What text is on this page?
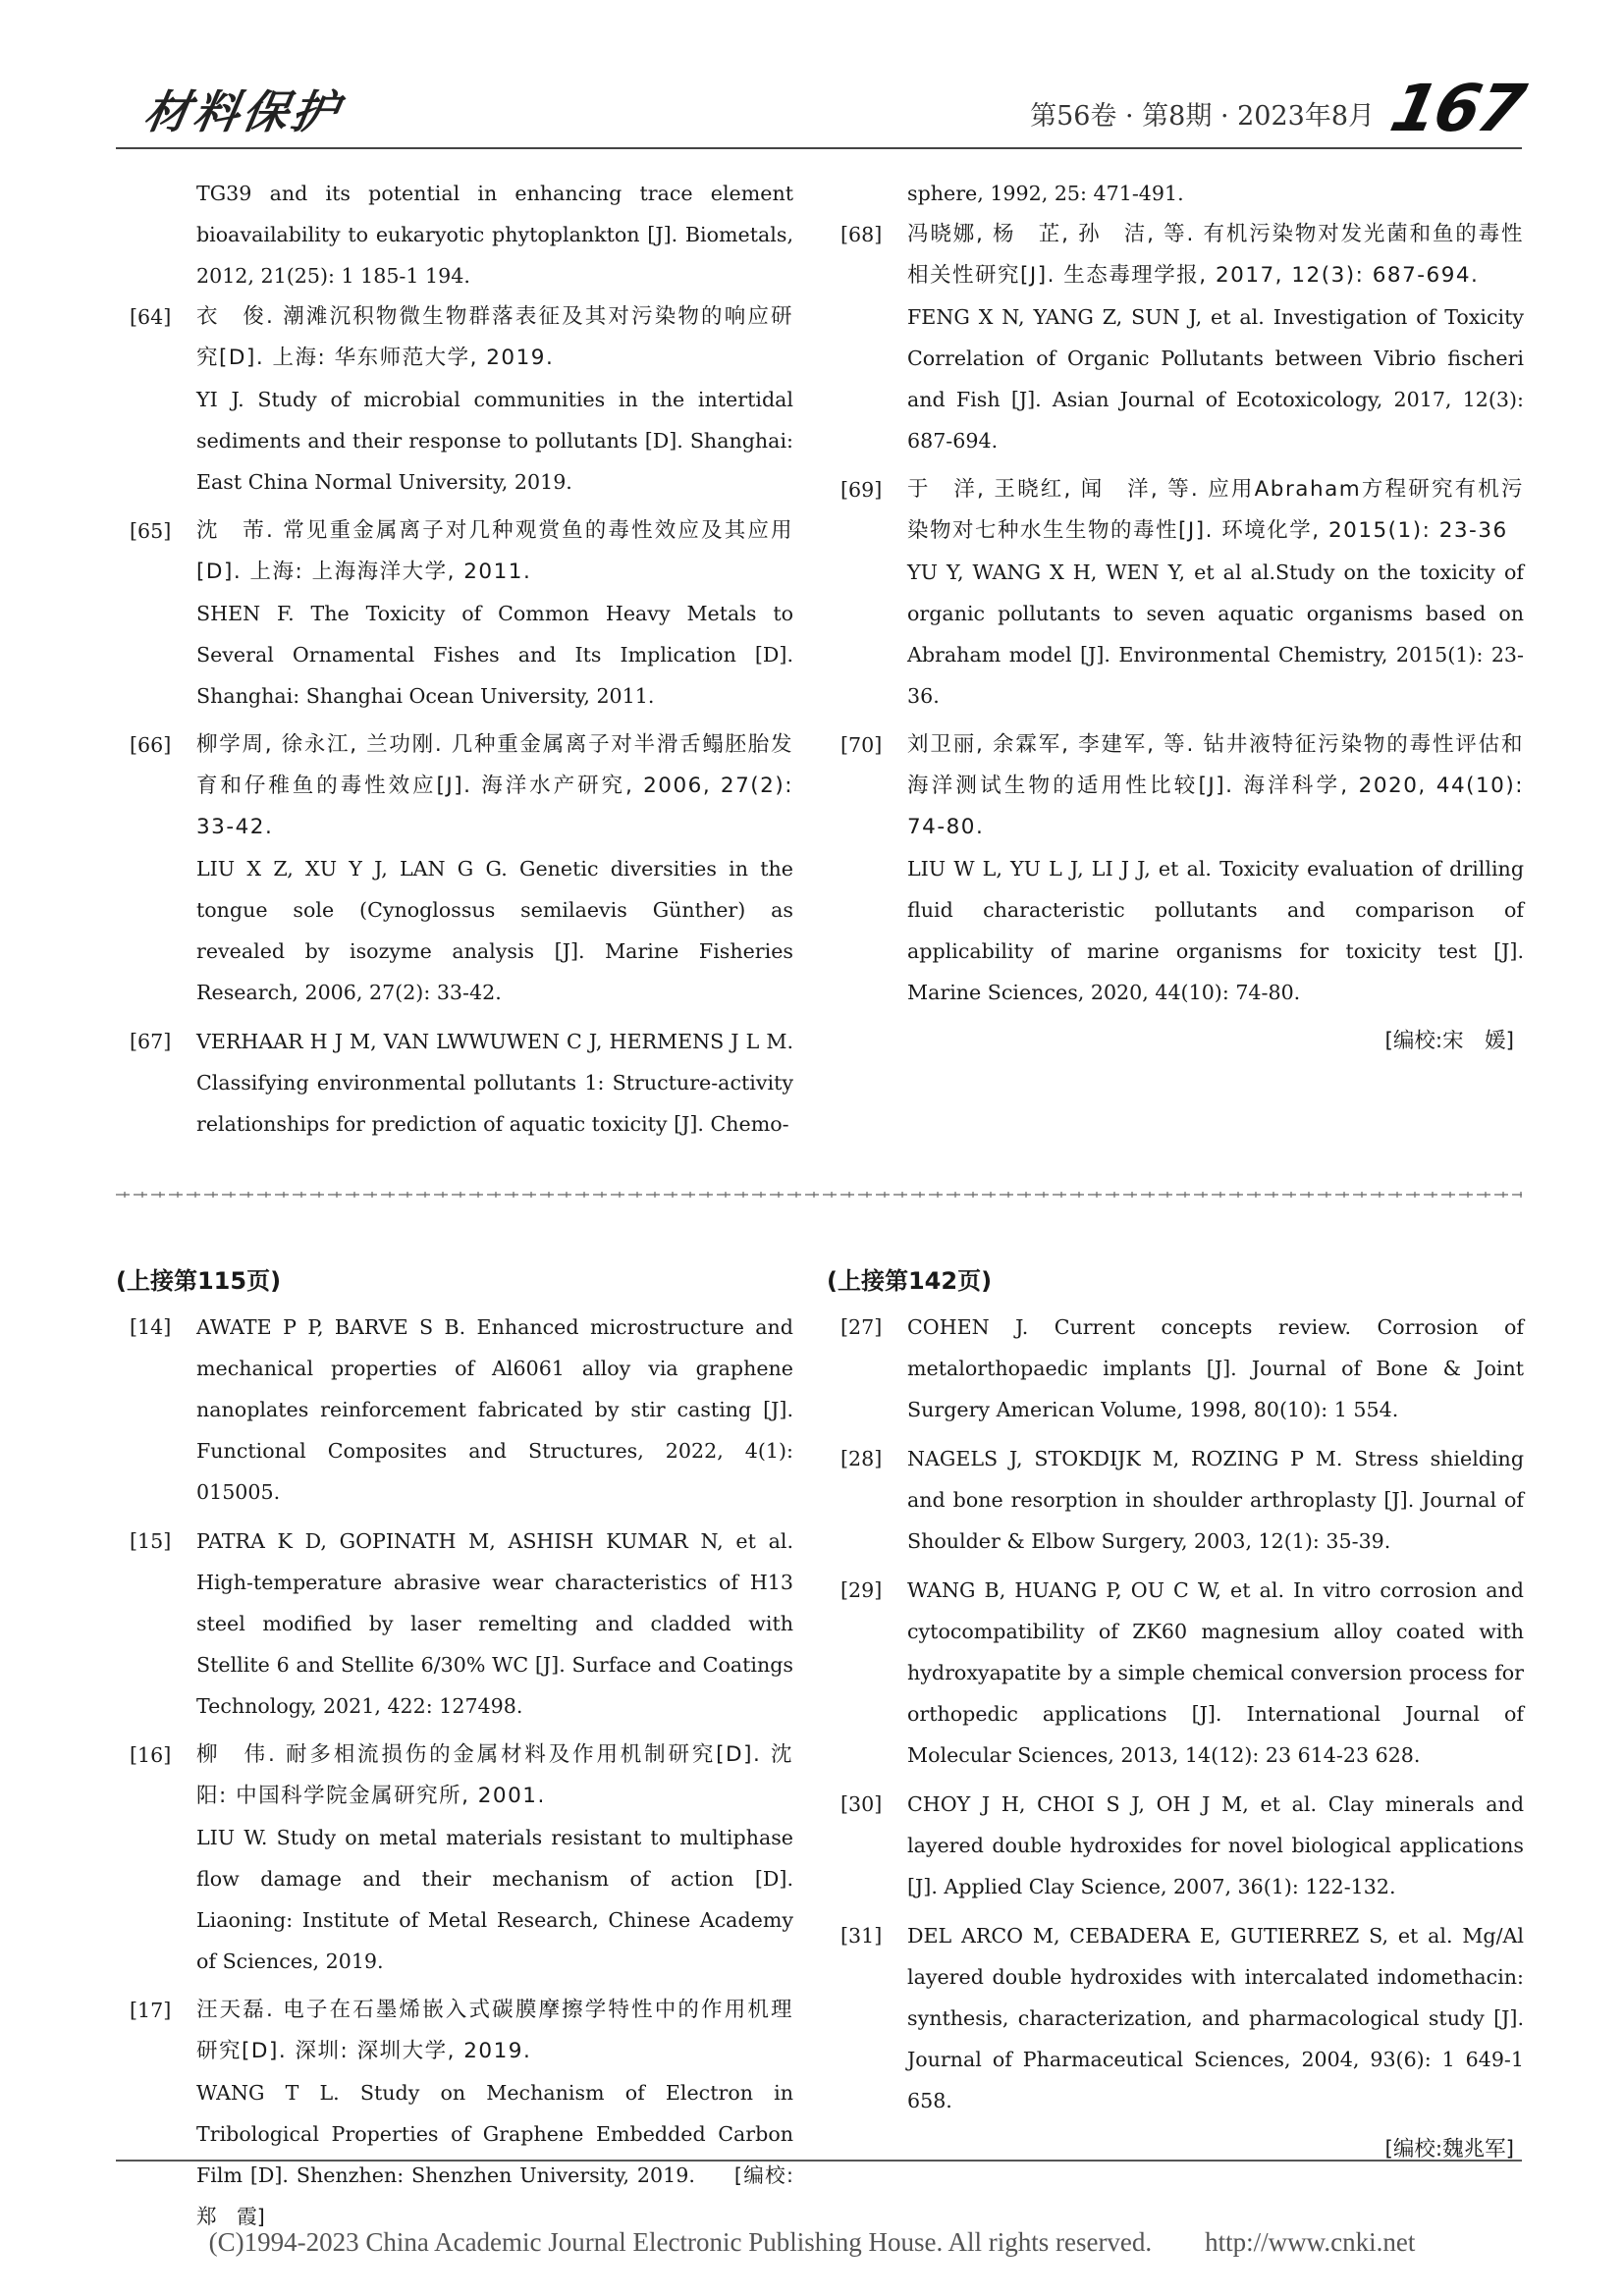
材料保护	第56卷 · 第8期 · 2023年8月 167
TG39 and its potential in enhancing trace element bioavailability to eukaryotic phytoplankton [J]. Biometals, 2012, 21(25): 1 185-1 194.
[64] 衣　俊. 潮滩沉积物微生物群落表征及其对污染物的响应研究[D]. 上海: 华东师范大学, 2019.
YI J. Study of microbial communities in the intertidal sediments and their response to pollutants [D]. Shanghai: East China Normal University, 2019.
[65] 沈　芾. 常见重金属离子对几种观赏鱼的毒性效应及其应用[D]. 上海: 上海海洋大学, 2011.
SHEN F. The Toxicity of Common Heavy Metals to Several Ornamental Fishes and Its Implication [D]. Shanghai: Shanghai Ocean University, 2011.
[66] 柳学周, 徐永江, 兰功刚. 几种重金属离子对半滑舌鳎胚胎发育和仔稚鱼的毒性效应[J]. 海洋水产研究, 2006, 27(2): 33-42.
LIU X Z, XU Y J, LAN G G. Genetic diversities in the tongue sole (Cynoglossus semilaevis Günther) as revealed by isozyme analysis [J]. Marine Fisheries Research, 2006, 27(2): 33-42.
[67] VERHAAR H J M, VAN LWWUWEN C J, HERMENS J L M. Classifying environmental pollutants 1: Structure-activity relationships for prediction of aquatic toxicity [J]. Chemo-
sphere, 1992, 25: 471-491.
[68] 冯晓娜, 杨　芷, 孙　洁, 等. 有机污染物对发光菌和鱼的毒性相关性研究[J]. 生态毒理学报, 2017, 12(3): 687-694.
FENG X N, YANG Z, SUN J, et al. Investigation of Toxicity Correlation of Organic Pollutants between Vibrio fischeri and Fish [J]. Asian Journal of Ecotoxicology, 2017, 12(3): 687-694.
[69] 于　洋, 王晓红, 闻　洋, 等. 应用Abraham方程研究有机污染物对七种水生生物的毒性[J]. 环境化学, 2015(1): 23-36
YU Y, WANG X H, WEN Y, et al al.Study on the toxicity of organic pollutants to seven aquatic organisms based on Abraham model [J]. Environmental Chemistry, 2015(1): 23-36.
[70] 刘卫丽, 余霖军, 李建军, 等. 钻井液特征污染物的毒性评估和海洋测试生物的适用性比较[J]. 海洋科学, 2020, 44(10): 74-80.
LIU W L, YU L J, LI J J, et al. Toxicity evaluation of drilling fluid characteristic pollutants and comparison of applicability of marine organisms for toxicity test [J]. Marine Sciences, 2020, 44(10): 74-80.
[编校:宋　媛]
(上接第115页)
[14] AWATE P P, BARVE S B. Enhanced microstructure and mechanical properties of Al6061 alloy via graphene nanoplates reinforcement fabricated by stir casting [J]. Functional Composites and Structures, 2022, 4(1): 015005.
[15] PATRA K D, GOPINATH M, ASHISH KUMAR N, et al. High-temperature abrasive wear characteristics of H13 steel modified by laser remelting and cladded with Stellite 6 and Stellite 6/30% WC [J]. Surface and Coatings Technology, 2021, 422: 127498.
[16] 柳　伟. 耐多相流损伤的金属材料及作用机制研究[D]. 沈阳: 中国科学院金属研究所, 2001.
LIU W. Study on metal materials resistant to multiphase flow damage and their mechanism of action [D]. Liaoning: Institute of Metal Research, Chinese Academy of Sciences, 2019.
[17] 汪天磊. 电子在石墨烯嵌入式碳膜摩擦学特性中的作用机理研究[D]. 深圳: 深圳大学, 2019.
WANG T L. Study on Mechanism of Electron in Tribological Properties of Graphene Embedded Carbon Film [D]. Shenzhen: Shenzhen University, 2019. [编校:郑　霞]
(上接第142页)
[27] COHEN J. Current concepts review. Corrosion of metalorthopaedic implants [J]. Journal of Bone & Joint Surgery American Volume, 1998, 80(10): 1 554.
[28] NAGELS J, STOKDIJK M, ROZING P M. Stress shielding and bone resorption in shoulder arthroplasty [J]. Journal of Shoulder & Elbow Surgery, 2003, 12(1): 35-39.
[29] WANG B, HUANG P, OU C W, et al. In vitro corrosion and cytocompatibility of ZK60 magnesium alloy coated with hydroxyapatite by a simple chemical conversion process for orthopedic applications [J]. International Journal of Molecular Sciences, 2013, 14(12): 23 614-23 628.
[30] CHOY J H, CHOI S J, OH J M, et al. Clay minerals and layered double hydroxides for novel biological applications [J]. Applied Clay Science, 2007, 36(1): 122-132.
[31] DEL ARCO M, CEBADERA E, GUTIERREZ S, et al. Mg/Al layered double hydroxides with intercalated indomethacin: synthesis, characterization, and pharmacological study [J]. Journal of Pharmaceutical Sciences, 2004, 93(6): 1 649-1 658.
[编校:魏兆军]
(C)1994-2023 China Academic Journal Electronic Publishing House. All rights reserved.　　http://www.cnki.net
